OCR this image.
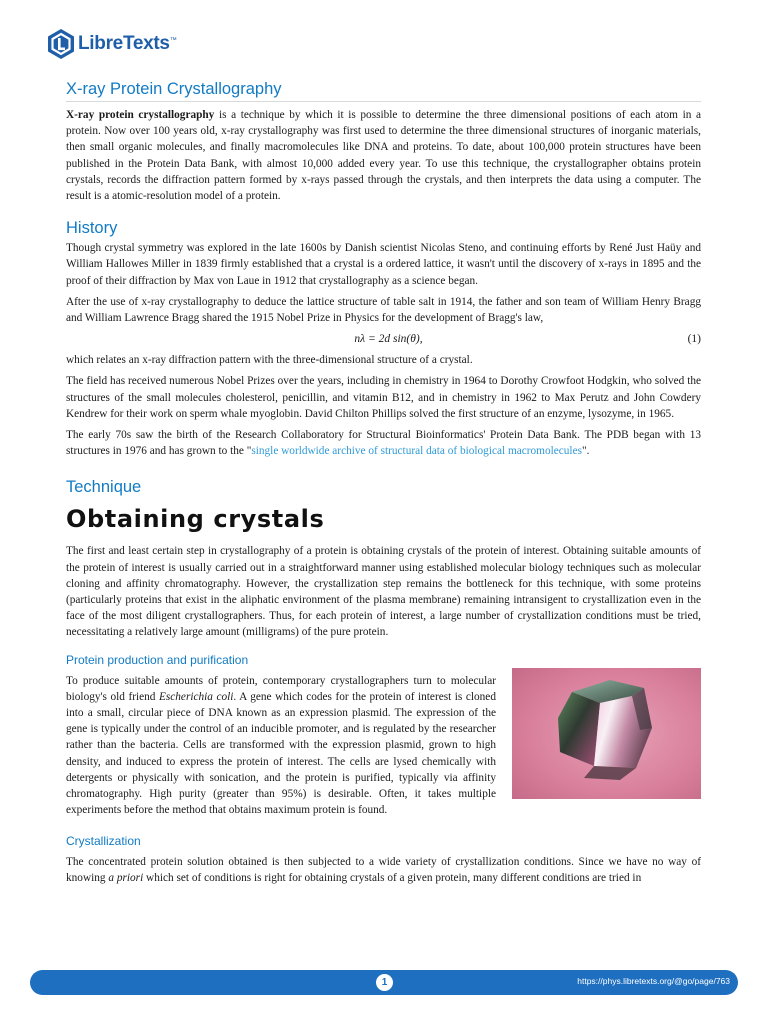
LibreTexts™
X-ray Protein Crystallography

X-ray protein crystallography is a technique by which it is possible to determine the three dimensional positions of each atom in a protein. Now over 100 years old, x-ray crystallography was first used to determine the three dimensional structures of inorganic materials, then small organic molecules, and finally macromolecules like DNA and proteins. To date, about 100,000 protein structures have been published in the Protein Data Bank, with almost 10,000 added every year. To use this technique, the crystallographer obtains protein crystals, records the diffraction pattern formed by x-rays passed through the crystals, and then interprets the data using a computer. The result is a atomic-resolution model of a protein.

History

Though crystal symmetry was explored in the late 1600s by Danish scientist Nicolas Steno, and continuing efforts by René Just Haüy and William Hallowes Miller in 1839 firmly established that a crystal is a ordered lattice, it wasn't until the discovery of x-rays in 1895 and the proof of their diffraction by Max von Laue in 1912 that crystallography as a science began.

After the use of x-ray crystallography to deduce the lattice structure of table salt in 1914, the father and son team of William Henry Bragg and William Lawrence Bragg shared the 1915 Nobel Prize in Physics for the development of Bragg's law,

nλ = 2d sin(θ),	(1)

which relates an x-ray diffraction pattern with the three-dimensional structure of a crystal.

The field has received numerous Nobel Prizes over the years, including in chemistry in 1964 to Dorothy Crowfoot Hodgkin, who solved the structures of the small molecules cholesterol, penicillin, and vitamin B12, and in chemistry in 1962 to Max Perutz and John Cowdery Kendrew for their work on sperm whale myoglobin. David Chilton Phillips solved the first structure of an enzyme, lysozyme, in 1965.

The early 70s saw the birth of the Research Collaboratory for Structural Bioinformatics' Protein Data Bank. The PDB began with 13 structures in 1976 and has grown to the "single worldwide archive of structural data of biological macromolecules".

Technique
Obtaining crystals

The first and least certain step in crystallography of a protein is obtaining crystals of the protein of interest. Obtaining suitable amounts of the protein of interest is usually carried out in a straightforward manner using established molecular biology techniques such as molecular cloning and affinity chromatography. However, the crystallization step remains the bottleneck for this technique, with some proteins (particularly proteins that exist in the aliphatic environment of the plasma membrane) remaining intransigent to crystallization even in the face of the most diligent crystallographers. Thus, for each protein of interest, a large number of crystallization conditions must be tried, necessitating a relatively large amount (milligrams) of the pure protein.

Protein production and purification

To produce suitable amounts of protein, contemporary crystallographers turn to molecular biology's old friend Escherichia coli. A gene which codes for the protein of interest is cloned into a small, circular piece of DNA known as an expression plasmid. The expression of the gene is typically under the control of an inducible promoter, and is regulated by the researcher rather than the bacteria. Cells are transformed with the expression plasmid, grown to high density, and induced to express the protein of interest. The cells are lysed chemically with detergents or physically with sonication, and the protein is purified, typically via affinity chromatography. High purity (greater than 95%) is desirable. Often, it takes multiple experiments before the method that obtains maximum protein is found.

Crystallization

The concentrated protein solution obtained is then subjected to a wide variety of crystallization conditions. Since we have no way of knowing a priori which set of conditions is right for obtaining crystals of a given protein, many different conditions are tried in

1	https://phys.libretexts.org/@go/page/763
